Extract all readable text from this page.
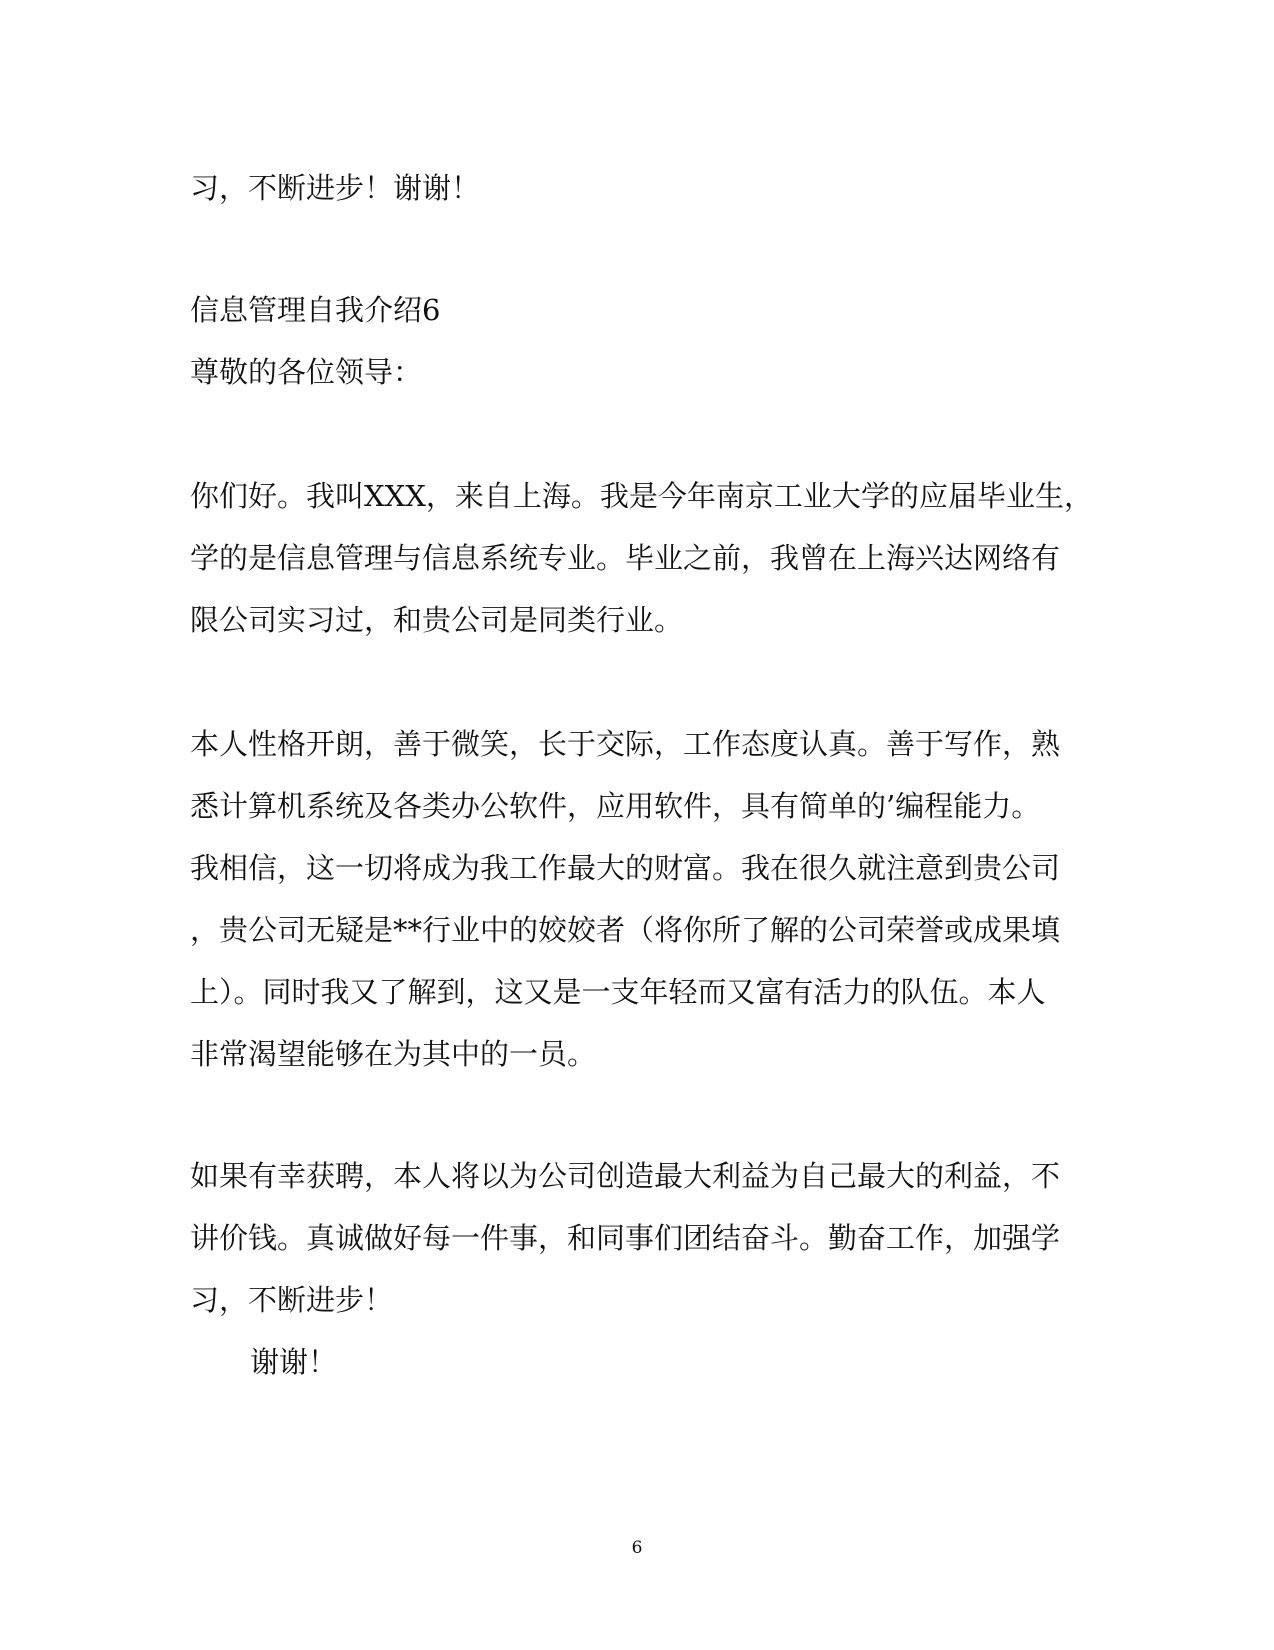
习，不断进步！谢谢！
信息管理自我介绍6
尊敬的各位领导：
你们好。我叫XXX，来自上海。我是今年南京工业大学的应届毕业生，
学的是信息管理与信息系统专业。毕业之前，我曾在上海兴达网络有
限公司实习过，和贵公司是同类行业。
本人性格开朗，善于微笑，长于交际，工作态度认真。善于写作，熟
悉计算机系统及各类办公软件，应用软件，具有简单的’编程能力。
我相信，这一切将成为我工作最大的财富。我在很久就注意到贵公司
，贵公司无疑是**行业中的姣姣者（将你所了解的公司荣誉或成果填
上）。同时我又了解到，这又是一支年轻而又富有活力的队伍。本人
非常渴望能够在为其中的一员。
如果有幸获聘，本人将以为公司创造最大利益为自己最大的利益，不
讲价钱。真诚做好每一件事，和同事们团结奋斗。勤奋工作，加强学
习，不断进步！
谢谢！
6
